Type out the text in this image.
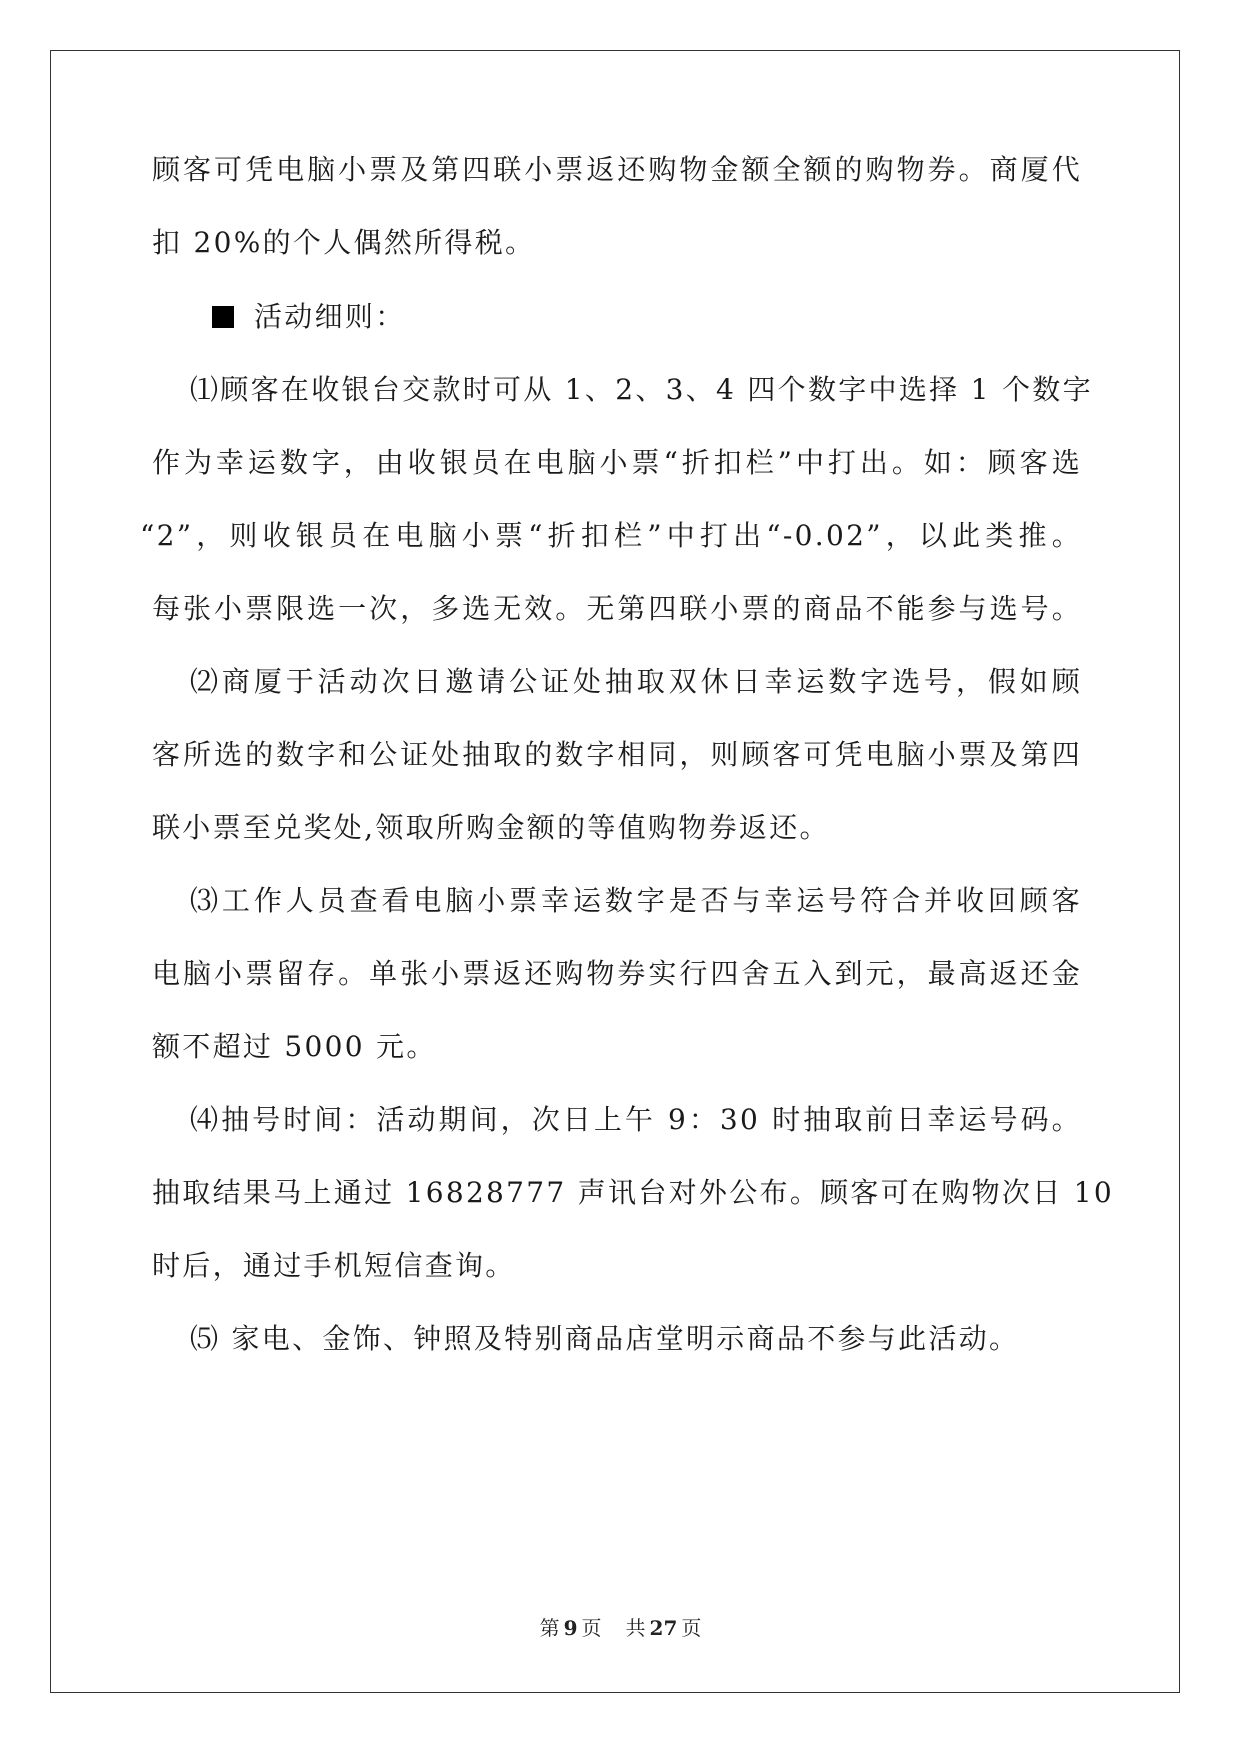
顾客可凭电脑小票及第四联小票返还购物金额全额的购物券。商厦代
扣 20%的个人偶然所得税。
活动细则：
⑴顾客在收银台交款时可从 1、2、3、4 四个数字中选择 1 个数字
作为幸运数字，由收银员在电脑小票“折扣栏”中打出。如：顾客选
“2”，则收银员在电脑小票“折扣栏”中打出“-0.02”，以此类推。
每张小票限选一次，多选无效。无第四联小票的商品不能参与选号。
⑵商厦于活动次日邀请公证处抽取双休日幸运数字选号，假如顾
客所选的数字和公证处抽取的数字相同，则顾客可凭电脑小票及第四
联小票至兑奖处,领取所购金额的等值购物券返还。
⑶工作人员查看电脑小票幸运数字是否与幸运号符合并收回顾客
电脑小票留存。单张小票返还购物券实行四舍五入到元，最高返还金
额不超过 5000 元。
⑷抽号时间：活动期间，次日上午 9：30 时抽取前日幸运号码。
抽取结果马上通过 16828777 声讯台对外公布。顾客可在购物次日 10
时后，通过手机短信查询。
⑸ 家电、金饰、钟照及特别商品店堂明示商品不参与此活动。
第 9 页 共 27 页
